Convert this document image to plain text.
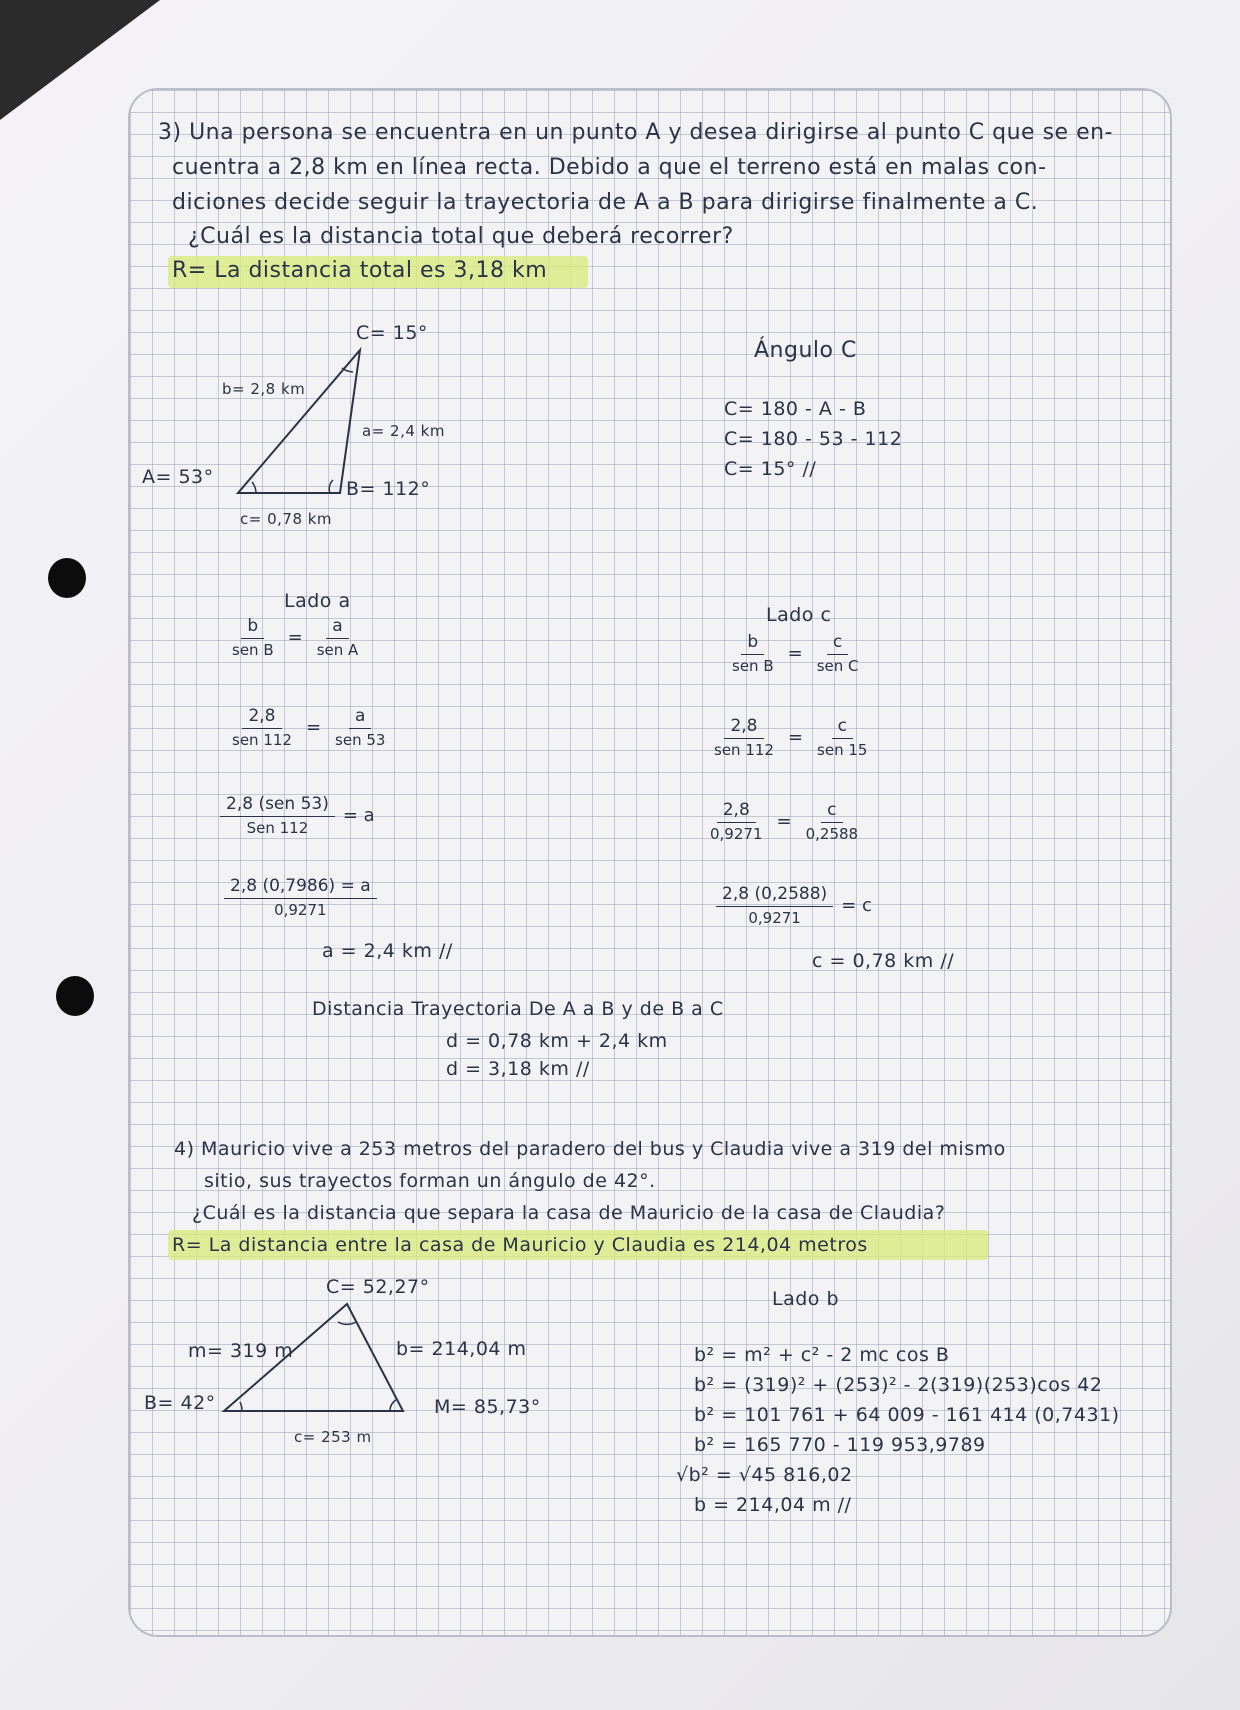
3) Una persona se encuentra en un punto A y desea dirigirse al punto C que se en-
cuentra a 2,8 km en línea recta. Debido a que el terreno está en malas con-
diciones decide seguir la trayectoria de A a B para dirigirse finalmente a C.
¿Cuál es la distancia total que deberá recorrer?
R= La distancia total es 3,18 km
C= 15°
b= 2,8 km
a= 2,4 km
A= 53°
B= 112°
c= 0,78 km
Ángulo C
C= 180 - A - B
C= 180 - 53 - 112
C= 15° //
Lado a
b
sen B
=
a
sen A
2,8
sen 112
=
a
sen 53
2,8 (sen 53)
Sen 112
= a
$\frac{2,8 (0,7986) = a}{0,9271}$
a = 2,4 km //
Lado c
b
sen B
=
c
sen C
2,8
sen 112
=
c
sen 15
$\frac{2,8}{0,9271} = \frac{c}{0,2588}$
$\frac{2,8 (0,2588)}{0,9271} = c$
c = 0,78 km //
Distancia Trayectoria De A a B y de B a C
d = 0,78 km + 2,4 km
d = 3,18 km //
4) Mauricio vive a 253 metros del paradero del bus y Claudia vive a 319 del mismo
sitio, sus trayectos forman un ángulo de 42°.
¿Cuál es la distancia que separa la casa de Mauricio de la casa de Claudia?
R= La distancia entre la casa de Mauricio y Claudia es 214,04 metros
C= 52,27°
m= 319 m	b= 214,04 m
B= 42°	M= 85,73°
c= 253 m
Lado b
b² = m² + c² - 2 mc cos B
b² = (319)² + (253)² - 2(319)(253)cos 42
b² = 101 761 + 64 009 - 161 414 (0,7431)
b² = 165 770 - 119 953,9789
√b² = √45 816,02
b = 214,04 m //
